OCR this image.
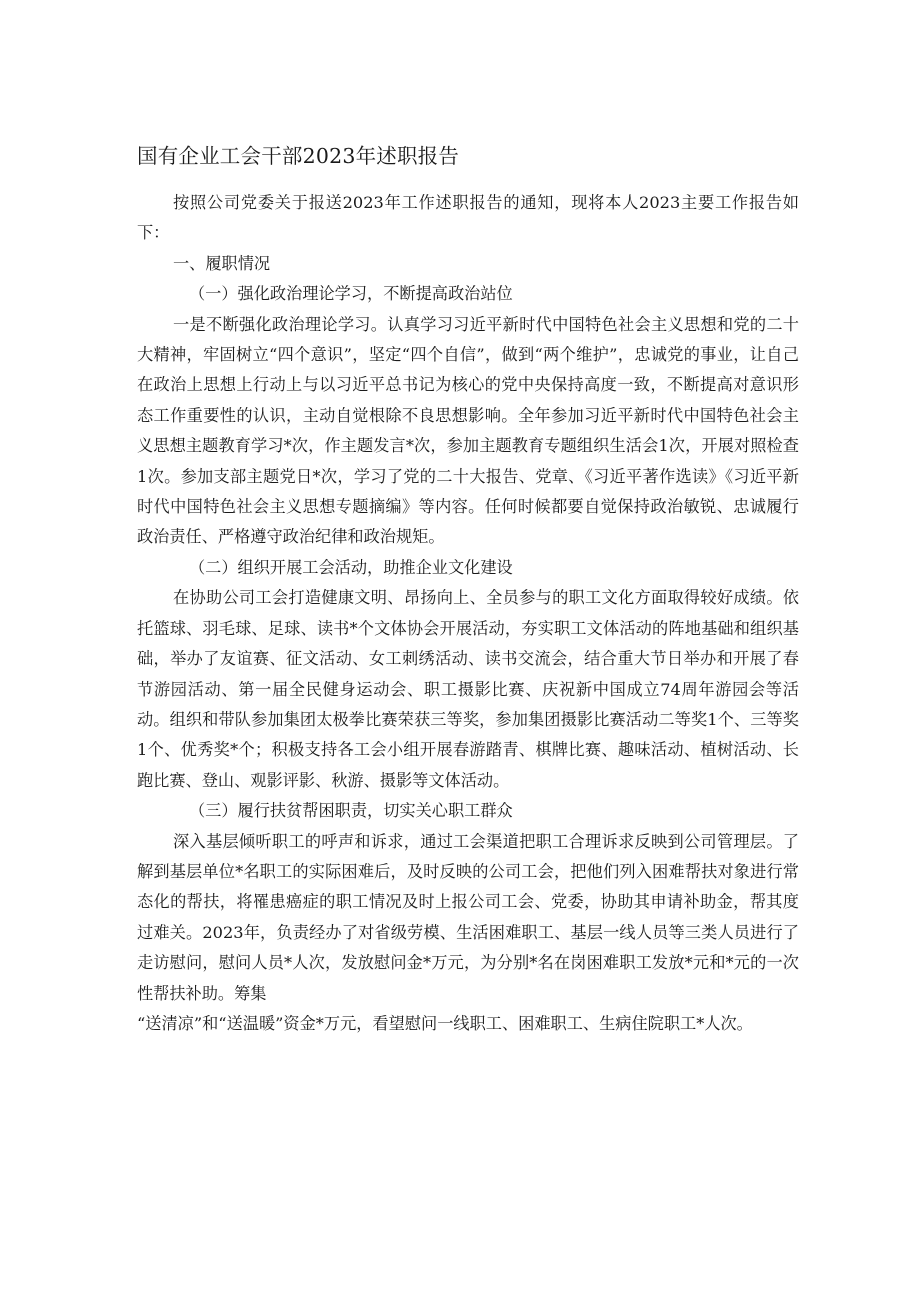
国有企业工会干部2023年述职报告

按照公司党委关于报送2023年工作述职报告的通知，现将本人2023主要工作报告如下：

一、履职情况

（一）强化政治理论学习，不断提高政治站位

一是不断强化政治理论学习。认真学习习近平新时代中国特色社会主义思想和党的二十大精神，牢固树立“四个意识”，坚定“四个自信”，做到“两个维护”，忠诚党的事业，让自己在政治上思想上行动上与以习近平总书记为核心的党中央保持高度一致，不断提高对意识形态工作重要性的认识，主动自觉根除不良思想影响。全年参加习近平新时代中国特色社会主义思想主题教育学习*次，作主题发言*次，参加主题教育专题组织生活会1次，开展对照检查1次。参加支部主题党日*次，学习了党的二十大报告、党章、《习近平著作选读》《习近平新时代中国特色社会主义思想专题摘编》等内容。任何时候都要自觉保持政治敏锐、忠诚履行政治责任、严格遵守政治纪律和政治规矩。

（二）组织开展工会活动，助推企业文化建设

在协助公司工会打造健康文明、昂扬向上、全员参与的职工文化方面取得较好成绩。依托篮球、羽毛球、足球、读书*个文体协会开展活动，夯实职工文体活动的阵地基础和组织基础，举办了友谊赛、征文活动、女工刺绣活动、读书交流会，结合重大节日举办和开展了春节游园活动、第一届全民健身运动会、职工摄影比赛、庆祝新中国成立74周年游园会等活动。组织和带队参加集团太极拳比赛荣获三等奖，参加集团摄影比赛活动二等奖1个、三等奖1个、优秀奖*个；积极支持各工会小组开展春游踏青、棋牌比赛、趣味活动、植树活动、长跑比赛、登山、观影评影、秋游、摄影等文体活动。

（三）履行扶贫帮困职责，切实关心职工群众

深入基层倾听职工的呼声和诉求，通过工会渠道把职工合理诉求反映到公司管理层。了解到基层单位*名职工的实际困难后，及时反映的公司工会，把他们列入困难帮扶对象进行常态化的帮扶，将罹患癌症的职工情况及时上报公司工会、党委，协助其申请补助金，帮其度过难关。2023年，负责经办了对省级劳模、生活困难职工、基层一线人员等三类人员进行了走访慰问，慰问人员*人次，发放慰问金*万元，为分别*名在岗困难职工发放*元和*元的一次性帮扶补助。筹集

“送清凉”和“送温暖”资金*万元，看望慰问一线职工、困难职工、生病住院职工*人次。
